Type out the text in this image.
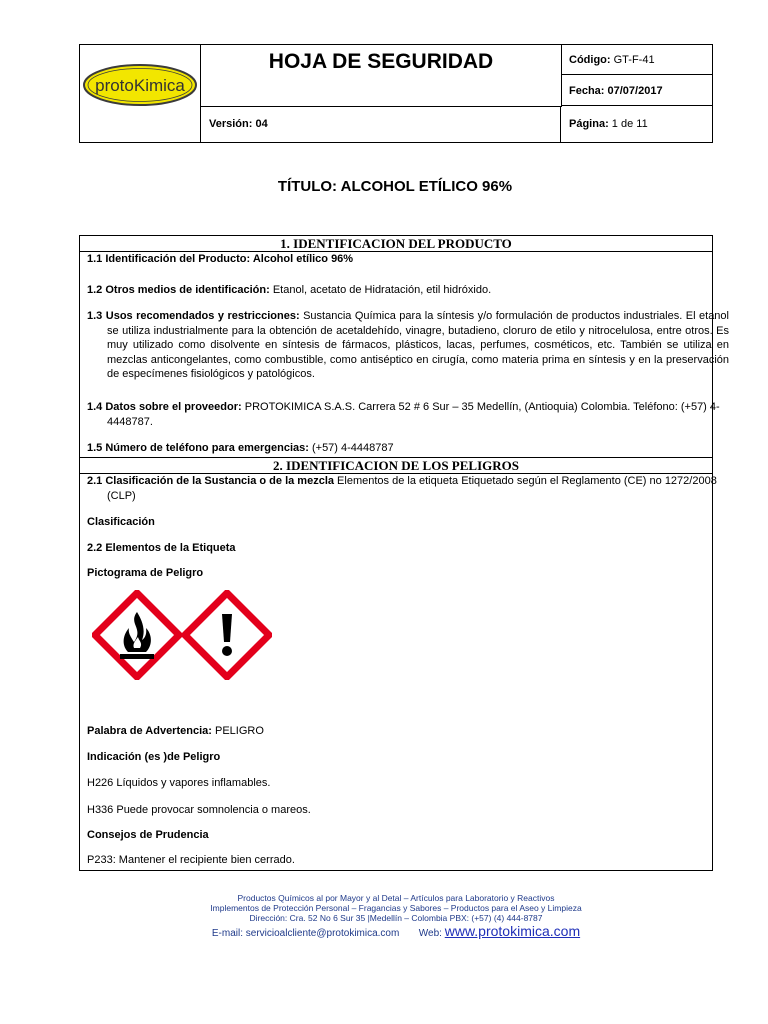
protoKimica
HOJA DE SEGURIDAD
Versión: 04
Código: GT-F-41
Fecha: 07/07/2017
Página: 1 de 11
TÍTULO: ALCOHOL ETÍLICO 96%
1. IDENTIFICACION DEL PRODUCTO
1.1 Identificación del Producto: Alcohol etílico 96%
1.2 Otros medios de identificación: Etanol, acetato de Hidratación, etil hidróxido.
1.3 Usos recomendados y restricciones: Sustancia Química para la síntesis y/o formulación de productos industriales. El etanol se utiliza industrialmente para la obtención de acetaldehído, vinagre, butadieno, cloruro de etilo y nitrocelulosa, entre otros. Es muy utilizado como disolvente en síntesis de fármacos, plásticos, lacas, perfumes, cosméticos, etc. También se utiliza en mezclas anticongelantes, como combustible, como antiséptico en cirugía, como materia prima en síntesis y en la preservación de especímenes fisiológicos y patológicos.
1.4 Datos sobre el proveedor: PROTOKIMICA S.A.S. Carrera 52 # 6 Sur – 35 Medellín, (Antioquia) Colombia. Teléfono: (+57) 4-4448787.
1.5 Número de teléfono para emergencias: (+57) 4-4448787
2. IDENTIFICACION DE LOS PELIGROS
2.1 Clasificación de la Sustancia o de la mezcla Elementos de la etiqueta Etiquetado según el Reglamento (CE) no 1272/2008 (CLP)
Clasificación
2.2 Elementos de la Etiqueta
Pictograma de Peligro
Palabra de Advertencia: PELIGRO
Indicación (es )de Peligro
H226 Líquidos y vapores inflamables.
H336 Puede provocar somnolencia o mareos.
Consejos de Prudencia
P233: Mantener el recipiente bien cerrado.
Productos Químicos al por Mayor y al Detal – Artículos para Laboratorio y Reactivos
Implementos de Protección Personal – Fragancias y Sabores – Productos para el Aseo y Limpieza
Dirección: Cra. 52 No 6 Sur 35 |Medellín – Colombia PBX: (+57) (4) 444-8787
E-mail: servicioalcliente@protokimica.com Web: www.protokimica.com
